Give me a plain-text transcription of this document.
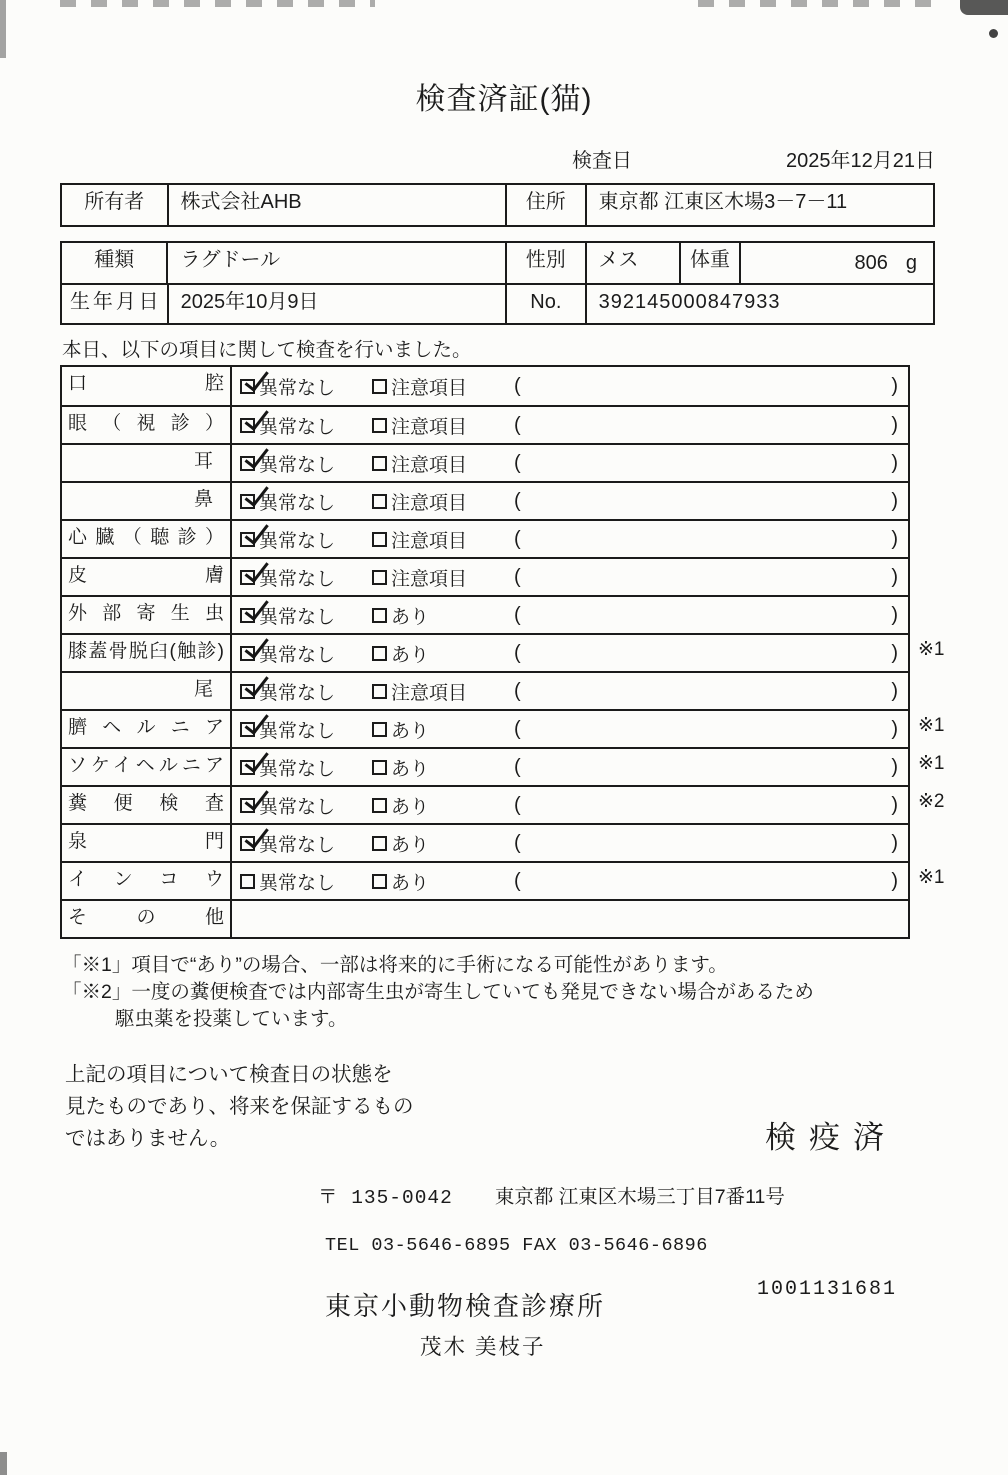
検査済証(猫)
検査日	2025年12月21日
所有者	株式会社AHB	住所	東京都 江東区木場3－7－11
種類	ラグドール	性別	メス	体重	806 g
生年月日	2025年10月9日	No.	392145000847933
本日、以下の項目に関して検査を行いました。
口腔	異常なし	注意項目 (	)
眼（視診）	異常なし	注意項目 (	)
耳	異常なし	注意項目 (	)
鼻	異常なし	注意項目 (	)
心臓（聴診）	異常なし	注意項目 (	)
皮膚	異常なし	注意項目 (	)
外部寄生虫	異常なし	あり	(	)
膝蓋骨脱臼(触診)	異常なし	あり	(	) ※1
尾	異常なし	注意項目 (	)
臍ヘルニア	異常なし	あり	(	) ※1
ソケイヘルニア	異常なし	あり	(	) ※1
糞便検査	異常なし	あり	(	) ※2
泉門	異常なし	あり	(	)
インコウ	異常なし	あり	(	) ※1
その他
「※1」項目で“あり”の場合、一部は将来的に手術になる可能性があります。
「※2」一度の糞便検査では内部寄生虫が寄生していても発見できない場合があるため
駆虫薬を投薬しています。
上記の項目について検査日の状態を
見たものであり、将来を保証するもの
ではありません。	検疫済
〒 135-0042 東京都 江東区木場三丁目7番11号
TEL 03-5646-6895 FAX 03-5646-6896
東京小動物検査診療所
茂木 美枝子
1001131681
